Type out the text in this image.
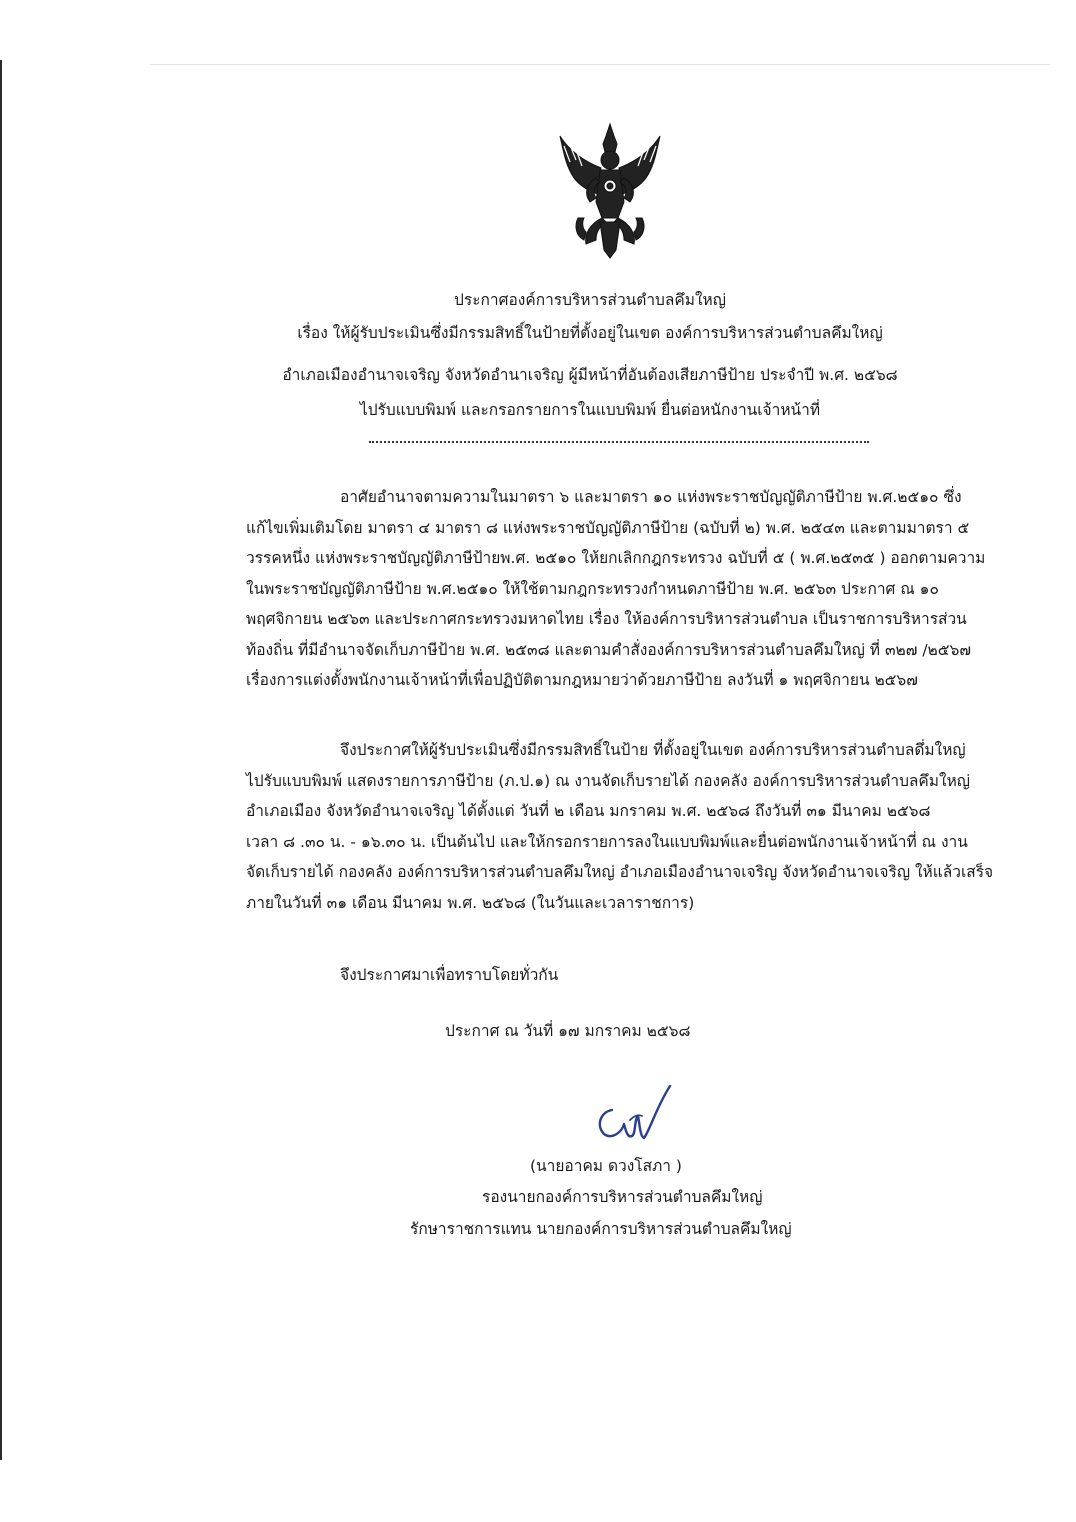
ประกาศองค์การบริหารส่วนตำบลคึมใหญ่
เรื่อง ให้ผู้รับประเมินซึ่งมีกรรมสิทธิ์ในป้ายที่ตั้งอยู่ในเขต องค์การบริหารส่วนตำบลคึมใหญ่
อำเภอเมืองอำนาจเจริญ จังหวัดอำนาเจริญ ผู้มีหน้าที่อันต้องเสียภาษีป้าย ประจำปี พ.ศ. ๒๕๖๘
ไปรับแบบพิมพ์ และกรอกรายการในแบบพิมพ์ ยื่นต่อหนักงานเจ้าหน้าที่
อาศัยอำนาจตามความในมาตรา ๖ และมาตรา ๑๐ แห่งพระราชบัญญัติภาษีป้าย พ.ศ.๒๕๑๐ ซึ่ง
แก้ไขเพิ่มเติมโดย มาตรา ๔ มาตรา ๘ แห่งพระราชบัญญัติภาษีป้าย (ฉบับที่ ๒) พ.ศ. ๒๕๔๓ และตามมาตรา ๕
วรรคหนึ่ง แห่งพระราชบัญญัติภาษีป้ายพ.ศ. ๒๕๑๐ ให้ยกเลิกกฎกระทรวง ฉบับที่ ๕ ( พ.ศ.๒๕๓๕ ) ออกตามความ
ในพระราชบัญญัติภาษีป้าย พ.ศ.๒๕๑๐ ให้ใช้ตามกฎกระทรวงกำหนดภาษีป้าย พ.ศ. ๒๕๖๓ ประกาศ ณ ๑๐
พฤศจิกายน ๒๕๖๓ และประกาศกระทรวงมหาดไทย เรื่อง ให้องค์การบริหารส่วนตำบล เป็นราชการบริหารส่วน
ท้องถิ่น ที่มีอำนาจจัดเก็บภาษีป้าย พ.ศ. ๒๕๓๘ และตามคำสั่งองค์การบริหารส่วนตำบลคึมใหญ่ ที่ ๓๒๗ /๒๕๖๗
เรื่องการแต่งตั้งพนักงานเจ้าหน้าที่เพื่อปฏิบัติตามกฎหมายว่าด้วยภาษีป้าย ลงวันที่ ๑ พฤศจิกายน ๒๕๖๗
จึงประกาศให้ผู้รับประเมินซึ่งมีกรรมสิทธิ์ในป้าย ที่ตั้งอยู่ในเขต องค์การบริหารส่วนตำบลดึ่มใหญ่
ไปรับแบบพิมพ์ แสดงรายการภาษีป้าย (ภ.ป.๑) ณ งานจัดเก็บรายได้ กองคลัง องค์การบริหารส่วนตำบลคึมใหญ่
อำเภอเมือง จังหวัดอำนาจเจริญ ได้ตั้งแต่ วันที่ ๒ เดือน มกราคม พ.ศ. ๒๕๖๘ ถึงวันที่ ๓๑ มีนาคม ๒๕๖๘
เวลา ๘ .๓๐ น. - ๑๖.๓๐ น. เป็นต้นไป และให้กรอกรายการลงในแบบพิมพ์และยื่นต่อพนักงานเจ้าหน้าที่ ณ งาน
จัดเก็บรายได้ กองคลัง องค์การบริหารส่วนตำบลคึมใหญ่ อำเภอเมืองอำนาจเจริญ จังหวัดอำนาจเจริญ ให้แล้วเสร็จ
ภายในวันที่ ๓๑ เดือน มีนาคม พ.ศ. ๒๕๖๘ (ในวันและเวลาราชการ)
จึงประกาศมาเพื่อทราบโดยทั่วกัน
ประกาศ ณ วันที่ ๑๗ มกราคม ๒๕๖๘
(นายอาคม ดวงโสภา )
รองนายกองค์การบริหารส่วนตำบลคึมใหญ่
รักษาราชการแทน นายกองค์การบริหารส่วนตำบลคึมใหญ่
